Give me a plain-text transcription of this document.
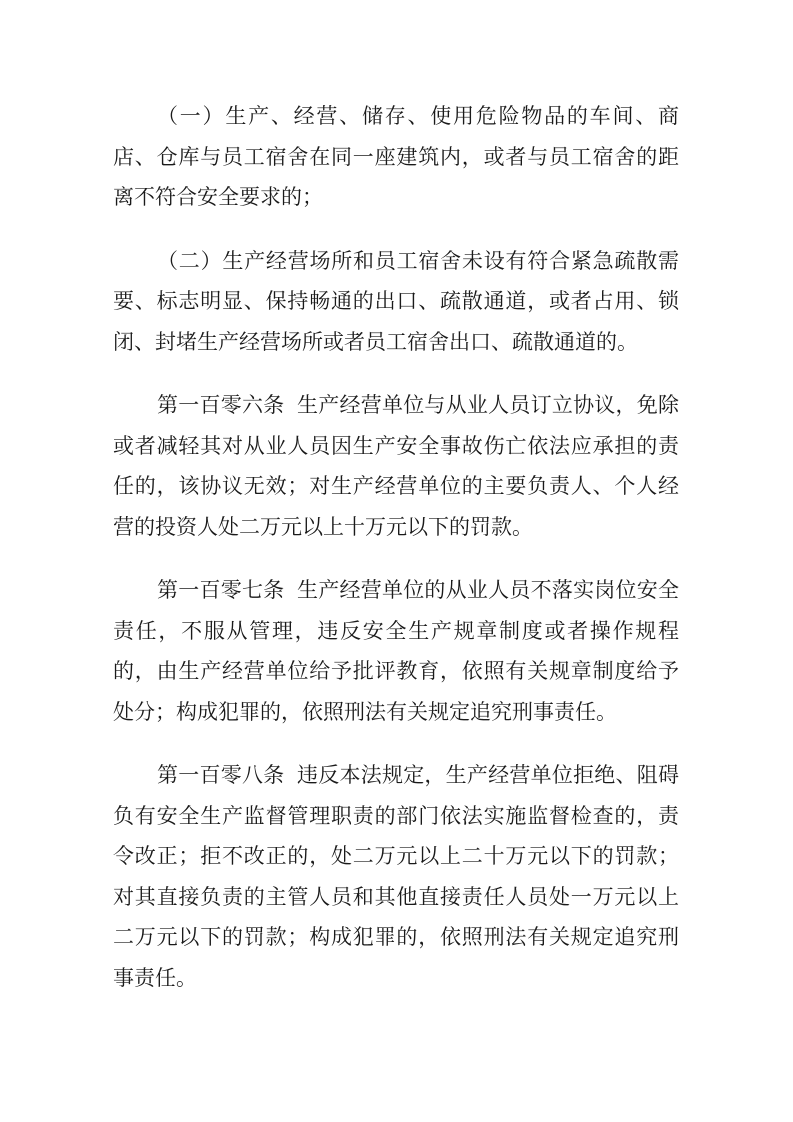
（一）生产、经营、储存、使用危险物品的车间、商店、仓库与员工宿舍在同一座建筑内，或者与员工宿舍的距离不符合安全要求的；

（二）生产经营场所和员工宿舍未设有符合紧急疏散需要、标志明显、保持畅通的出口、疏散通道，或者占用、锁闭、封堵生产经营场所或者员工宿舍出口、疏散通道的。

第一百零六条 生产经营单位与从业人员订立协议，免除或者减轻其对从业人员因生产安全事故伤亡依法应承担的责任的，该协议无效；对生产经营单位的主要负责人、个人经营的投资人处二万元以上十万元以下的罚款。

第一百零七条 生产经营单位的从业人员不落实岗位安全责任，不服从管理，违反安全生产规章制度或者操作规程的，由生产经营单位给予批评教育，依照有关规章制度给予处分；构成犯罪的，依照刑法有关规定追究刑事责任。

第一百零八条 违反本法规定，生产经营单位拒绝、阻碍负有安全生产监督管理职责的部门依法实施监督检查的，责令改正；拒不改正的，处二万元以上二十万元以下的罚款；对其直接负责的主管人员和其他直接责任人员处一万元以上二万元以下的罚款；构成犯罪的，依照刑法有关规定追究刑事责任。
